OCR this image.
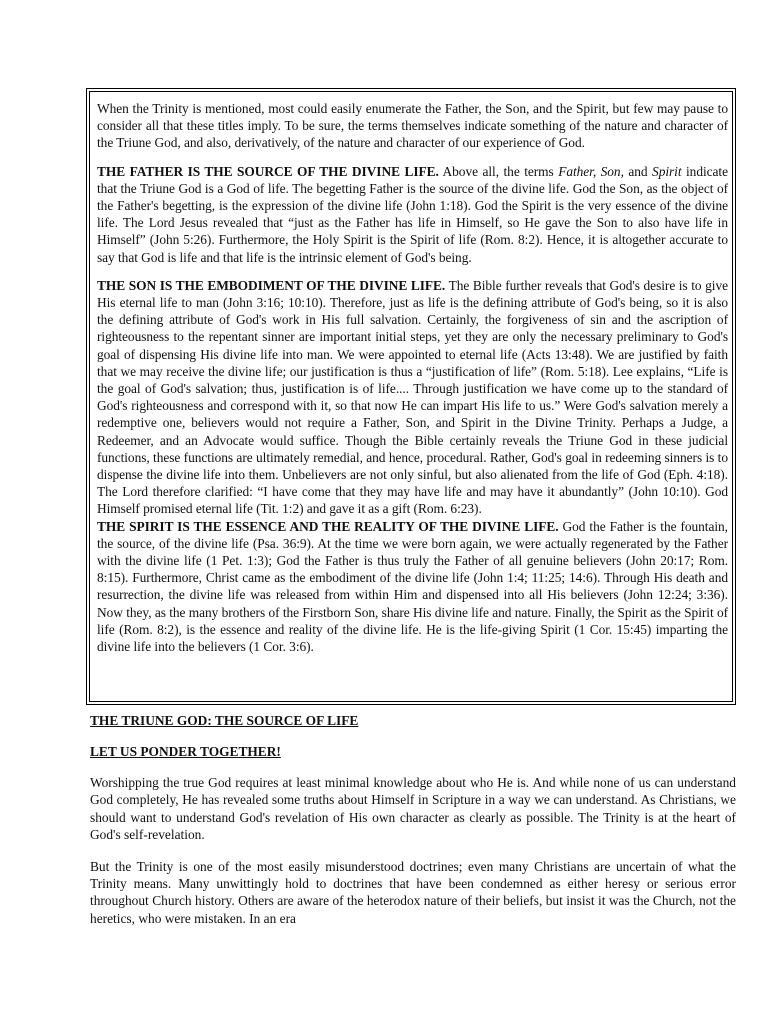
When the Trinity is mentioned, most could easily enumerate the Father, the Son, and the Spirit, but few may pause to consider all that these titles imply. To be sure, the terms themselves indicate something of the nature and character of the Triune God, and also, derivatively, of the nature and character of our experience of God.

THE FATHER IS THE SOURCE OF THE DIVINE LIFE. Above all, the terms Father, Son, and Spirit indicate that the Triune God is a God of life. The begetting Father is the source of the divine life. God the Son, as the object of the Father's begetting, is the expression of the divine life (John 1:18). God the Spirit is the very essence of the divine life. The Lord Jesus revealed that “just as the Father has life in Himself, so He gave the Son to also have life in Himself” (John 5:26). Furthermore, the Holy Spirit is the Spirit of life (Rom. 8:2). Hence, it is altogether accurate to say that God is life and that life is the intrinsic element of God's being.

THE SON IS THE EMBODIMENT OF THE DIVINE LIFE. The Bible further reveals that God's desire is to give His eternal life to man (John 3:16; 10:10). Therefore, just as life is the defining attribute of God's being, so it is also the defining attribute of God's work in His full salvation. Certainly, the forgiveness of sin and the ascription of righteousness to the repentant sinner are important initial steps, yet they are only the necessary preliminary to God's goal of dispensing His divine life into man. We were appointed to eternal life (Acts 13:48). We are justified by faith that we may receive the divine life; our justification is thus a “justification of life” (Rom. 5:18). Lee explains, “Life is the goal of God's salvation; thus, justification is of life.... Through justification we have come up to the standard of God's righteousness and correspond with it, so that now He can impart His life to us.” Were God's salvation merely a redemptive one, believers would not require a Father, Son, and Spirit in the Divine Trinity. Perhaps a Judge, a Redeemer, and an Advocate would suffice. Though the Bible certainly reveals the Triune God in these judicial functions, these functions are ultimately remedial, and hence, procedural. Rather, God's goal in redeeming sinners is to dispense the divine life into them. Unbelievers are not only sinful, but also alienated from the life of God (Eph. 4:18). The Lord therefore clarified: “I have come that they may have life and may have it abundantly” (John 10:10). God Himself promised eternal life (Tit. 1:2) and gave it as a gift (Rom. 6:23).

THE SPIRIT IS THE ESSENCE AND THE REALITY OF THE DIVINE LIFE. God the Father is the fountain, the source, of the divine life (Psa. 36:9). At the time we were born again, we were actually regenerated by the Father with the divine life (1 Pet. 1:3); God the Father is thus truly the Father of all genuine believers (John 20:17; Rom. 8:15). Furthermore, Christ came as the embodiment of the divine life (John 1:4; 11:25; 14:6). Through His death and resurrection, the divine life was released from within Him and dispensed into all His believers (John 12:24; 3:36). Now they, as the many brothers of the Firstborn Son, share His divine life and nature. Finally, the Spirit as the Spirit of life (Rom. 8:2), is the essence and reality of the divine life. He is the life-giving Spirit (1 Cor. 15:45) imparting the divine life into the believers (1 Cor. 3:6).

THE TRIUNE GOD: THE SOURCE OF LIFE
LET US PONDER TOGETHER!

Worshipping the true God requires at least minimal knowledge about who He is. And while none of us can understand God completely, He has revealed some truths about Himself in Scripture in a way we can understand. As Christians, we should want to understand God's revelation of His own character as clearly as possible. The Trinity is at the heart of God's self-revelation.

But the Trinity is one of the most easily misunderstood doctrines; even many Christians are uncertain of what the Trinity means. Many unwittingly hold to doctrines that have been condemned as either heresy or serious error throughout Church history. Others are aware of the heterodox nature of their beliefs, but insist it was the Church, not the heretics, who were mistaken. In an era
